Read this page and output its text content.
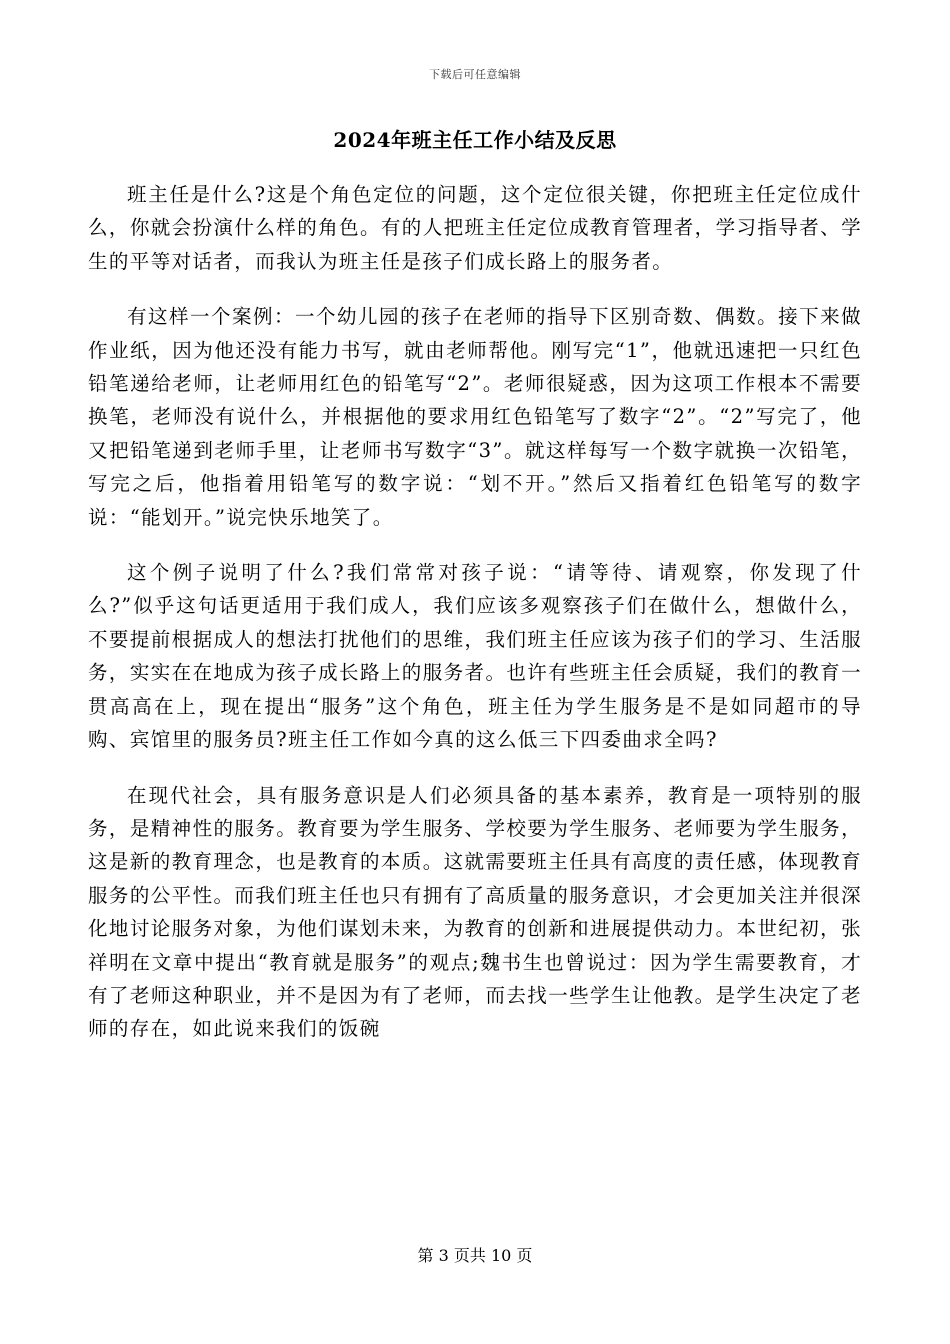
下载后可任意编辑
2024年班主任工作小结及反思

班主任是什么?这是个角色定位的问题，这个定位很关键，你把班主任定位成什么，你就会扮演什么样的角色。有的人把班主任定位成教育管理者，学习指导者、学生的平等对话者，而我认为班主任是孩子们成长路上的服务者。

有这样一个案例：一个幼儿园的孩子在老师的指导下区别奇数、偶数。接下来做作业纸，因为他还没有能力书写，就由老师帮他。刚写完“1”，他就迅速把一只红色铅笔递给老师，让老师用红色的铅笔写“2”。老师很疑惑，因为这项工作根本不需要换笔，老师没有说什么，并根据他的要求用红色铅笔写了数字“2”。“2”写完了，他又把铅笔递到老师手里，让老师书写数字“3”。就这样每写一个数字就换一次铅笔，写完之后，他指着用铅笔写的数字说：“划不开。”然后又指着红色铅笔写的数字说：“能划开。”说完快乐地笑了。

这个例子说明了什么?我们常常对孩子说：“请等待、请观察，你发现了什么?”似乎这句话更适用于我们成人，我们应该多观察孩子们在做什么，想做什么，不要提前根据成人的想法打扰他们的思维，我们班主任应该为孩子们的学习、生活服务，实实在在地成为孩子成长路上的服务者。也许有些班主任会质疑，我们的教育一贯高高在上，现在提出“服务”这个角色，班主任为学生服务是不是如同超市的导购、宾馆里的服务员?班主任工作如今真的这么低三下四委曲求全吗?

在现代社会，具有服务意识是人们必须具备的基本素养，教育是一项特别的服务，是精神性的服务。教育要为学生服务、学校要为学生服务、老师要为学生服务，这是新的教育理念，也是教育的本质。这就需要班主任具有高度的责任感，体现教育服务的公平性。而我们班主任也只有拥有了高质量的服务意识，才会更加关注并很深化地讨论服务对象，为他们谋划未来，为教育的创新和进展提供动力。本世纪初，张祥明在文章中提出“教育就是服务”的观点;魏书生也曾说过：因为学生需要教育，才有了老师这种职业，并不是因为有了老师，而去找一些学生让他教。是学生决定了老师的存在，如此说来我们的饭碗

第 3 页共 10 页
